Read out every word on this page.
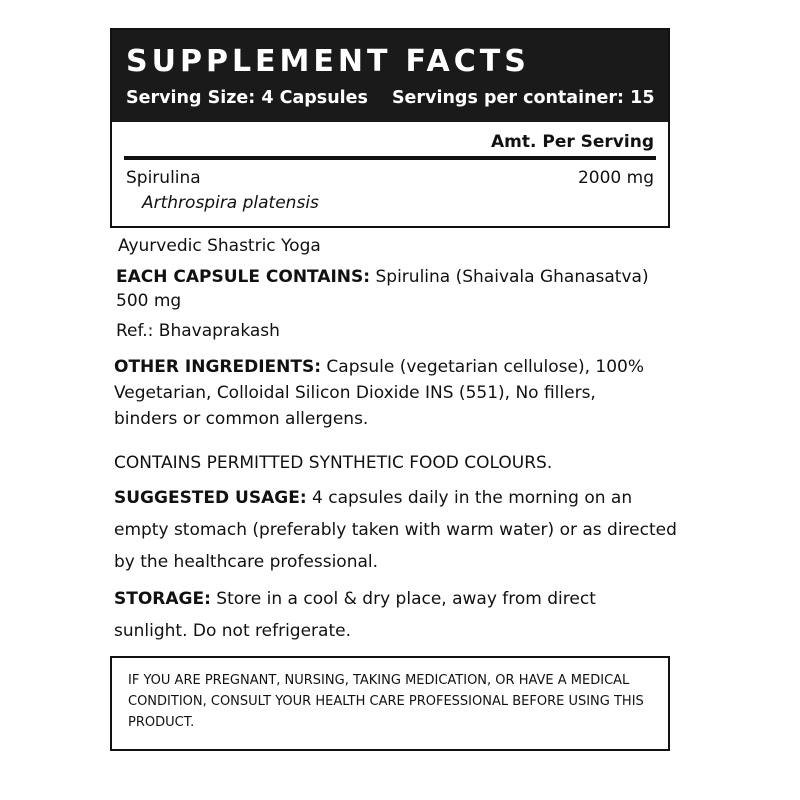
SUPPLEMENT FACTS
Serving Size: 4 Capsules Servings per container: 15
Amt. Per Serving
Spirulina	2000 mg
Arthrospira platensis
Ayurvedic Shastric Yoga
EACH CAPSULE CONTAINS: Spirulina (Shaivala Ghanasatva) 500 mg
Ref.: Bhavaprakash
OTHER INGREDIENTS: Capsule (vegetarian cellulose), 100% Vegetarian, Colloidal Silicon Dioxide INS (551), No fillers, binders or common allergens.
CONTAINS PERMITTED SYNTHETIC FOOD COLOURS.
SUGGESTED USAGE: 4 capsules daily in the morning on an empty stomach (preferably taken with warm water) or as directed by the healthcare professional.
STORAGE: Store in a cool & dry place, away from direct sunlight. Do not refrigerate.
IF YOU ARE PREGNANT, NURSING, TAKING MEDICATION, OR HAVE A MEDICAL CONDITION, CONSULT YOUR HEALTH CARE PROFESSIONAL BEFORE USING THIS PRODUCT.
